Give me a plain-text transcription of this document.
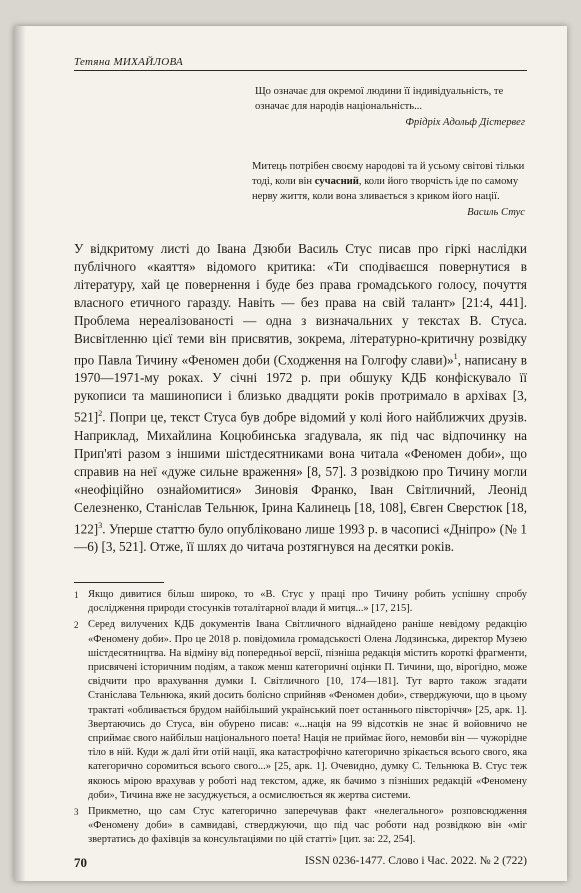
Тетяна МИХАЙЛОВА
Що означає для окремої людини її індивідуальність, те означає для народів національність...
Фрідріх Адольф Дістервег
Митець потрібен своєму народові та й усьому світові тільки тоді, коли він сучасний, коли його творчість іде по самому нерву життя, коли вона зливається з криком його нації.
Василь Стус

У відкритому листі до Івана Дзюби Василь Стус писав про гіркі наслідки публічного «каяття» відомого критика: «Ти сподіваєшся повернутися в літературу, хай це повернення і буде без права громадського голосу, почуття власного етичного гаразду. Навіть — без права на свій талант» [21:4, 441]. Проблема нереалізованості — одна з визначальних у текстах В. Стуса. Висвітленню цієї теми він присвятив, зокрема, літературно-критичну розвідку про Павла Тичину «Феномен доби (Сходження на Голгофу слави)»$^1$, написану в 1970—1971-му роках. У січні 1972 р. при обшуку КДБ конфіскувало її рукописи та машинописи і близько двадцяти років протримало в архівах [3, 521]$^2$. Попри це, текст Стуса був добре відомий у колі його найближчих друзів. Наприклад, Михайлина Коцюбинська згадувала, як під час відпочинку на Прип'яті разом з іншими шістдесятниками вона читала «Феномен доби», що справив на неї «дуже сильне враження» [8, 57]. З розвідкою про Тичину могли «неофіційно ознайомитися» Зиновія Франко, Іван Світличний, Леонід Селезненко, Станіслав Тельнюк, Ірина Калинець [18, 108], Євген Сверстюк [18, 122]$^3$. Уперше статтю було опубліковано лише 1993 р. в часописі «Дніпро» (№ 1—6) [3, 521]. Отже, її шлях до читача розтягнувся на десятки років.

1 Якщо дивитися більш широко, то «В. Стус у праці про Тичину робить успішну спробу дослідження природи стосунків тоталітарної влади й митця...» [17, 215].
2 Серед вилучених КДБ документів Івана Світличного віднайдено раніше невідому редакцію «Феномену доби». Про це 2018 р. повідомила громадськості Олена Лодзинська, директор Музею шістдесятництва. На відміну від попередньої версії, пізніша редакція містить короткі фрагменти, присвячені історичним подіям, а також менш категоричні оцінки П. Тичини, що, вірогідно, може свідчити про врахування думки І. Світличного [10, 174—181]. Тут варто також згадати Станіслава Тельнюка, який досить болісно сприйняв «Феномен доби», стверджуючи, що в цьому трактаті «обливається брудом найбільший український поет останнього півсторіччя» [25, арк. 1]. Звертаючись до Стуса, він обурено писав: «...нація на 99 відсотків не знає й войовничо не сприймає свого найбільш національного поета! Нація не приймає його, немовби він — чужорідне тіло в ній. Куди ж далі йти отій нації, яка катастрофічно категорично зрікається всього свого, яка категорично соромиться всього свого...» [25, арк. 1]. Очевидно, думку С. Тельнюка В. Стус теж якоюсь мірою врахував у роботі над текстом, адже, як бачимо з пізніших редакцій «Феномену доби», Тичина вже не засуджується, а осмислюється як жертва системи.
3 Прикметно, що сам Стус категорично заперечував факт «нелегального» розповсюдження «Феномену доби» в самвидаві, стверджуючи, що під час роботи над розвідкою він «міг звертатись до фахівців за консультаціями по цій статті» [цит. за: 22, 254].
70	ISSN 0236-1477. Слово і Час. 2022. № 2 (722)
